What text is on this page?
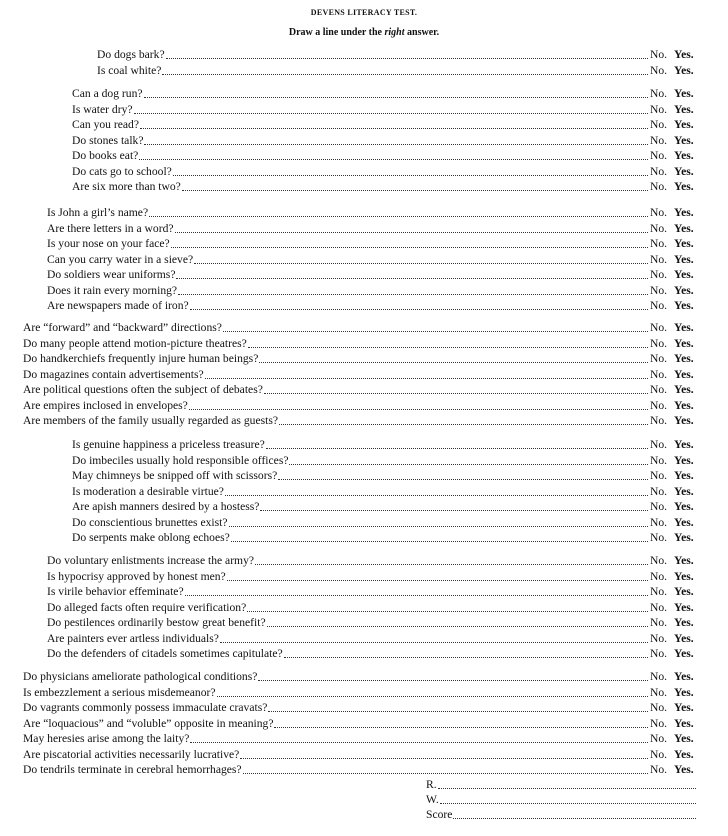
DEVENS LITERACY TEST.
Draw a line under the right answer.
Do dogs bark?	No. Yes.
Is coal white?	No. Yes.
Can a dog run?	No. Yes.
Is water dry?	No. Yes.
Can you read?	No. Yes.
Do stones talk?	No. Yes.
Do books eat?	No. Yes.
Do cats go to school?	No. Yes.
Are six more than two?	No. Yes.
Is John a girl’s name?	No. Yes.
Are there letters in a word?	No. Yes.
Is your nose on your face?	No. Yes.
Can you carry water in a sieve?	No. Yes.
Do soldiers wear uniforms?	No. Yes.
Does it rain every morning?	No. Yes.
Are newspapers made of iron?	No. Yes.
Are “forward” and “backward” directions?	No. Yes.
Do many people attend motion-picture theatres?	No. Yes.
Do handkerchiefs frequently injure human beings?	No. Yes.
Do magazines contain advertisements?	No. Yes.
Are political questions often the subject of debates?	No. Yes.
Are empires inclosed in envelopes?	No. Yes.
Are members of the family usually regarded as guests?	No. Yes.
Is genuine happiness a priceless treasure?	No. Yes.
Do imbeciles usually hold responsible offices?	No. Yes.
May chimneys be snipped off with scissors?	No. Yes.
Is moderation a desirable virtue?	No. Yes.
Are apish manners desired by a hostess?	No. Yes.
Do conscientious brunettes exist?	No. Yes.
Do serpents make oblong echoes?	No. Yes.
Do voluntary enlistments increase the army?	No. Yes.
Is hypocrisy approved by honest men?	No. Yes.
Is virile behavior effeminate?	No. Yes.
Do alleged facts often require verification?	No. Yes.
Do pestilences ordinarily bestow great benefit?	No. Yes.
Are painters ever artless individuals?	No. Yes.
Do the defenders of citadels sometimes capitulate?	No. Yes.
Do physicians ameliorate pathological conditions?	No. Yes.
Is embezzlement a serious misdemeanor?	No. Yes.
Do vagrants commonly possess immaculate cravats?	No. Yes.
Are “loquacious” and “voluble” opposite in meaning?	No. Yes.
May heresies arise among the laity?	No. Yes.
Are piscatorial activities necessarily lucrative?	No. Yes.
Do tendrils terminate in cerebral hemorrhages?	No. Yes.
R.
W.
Score
